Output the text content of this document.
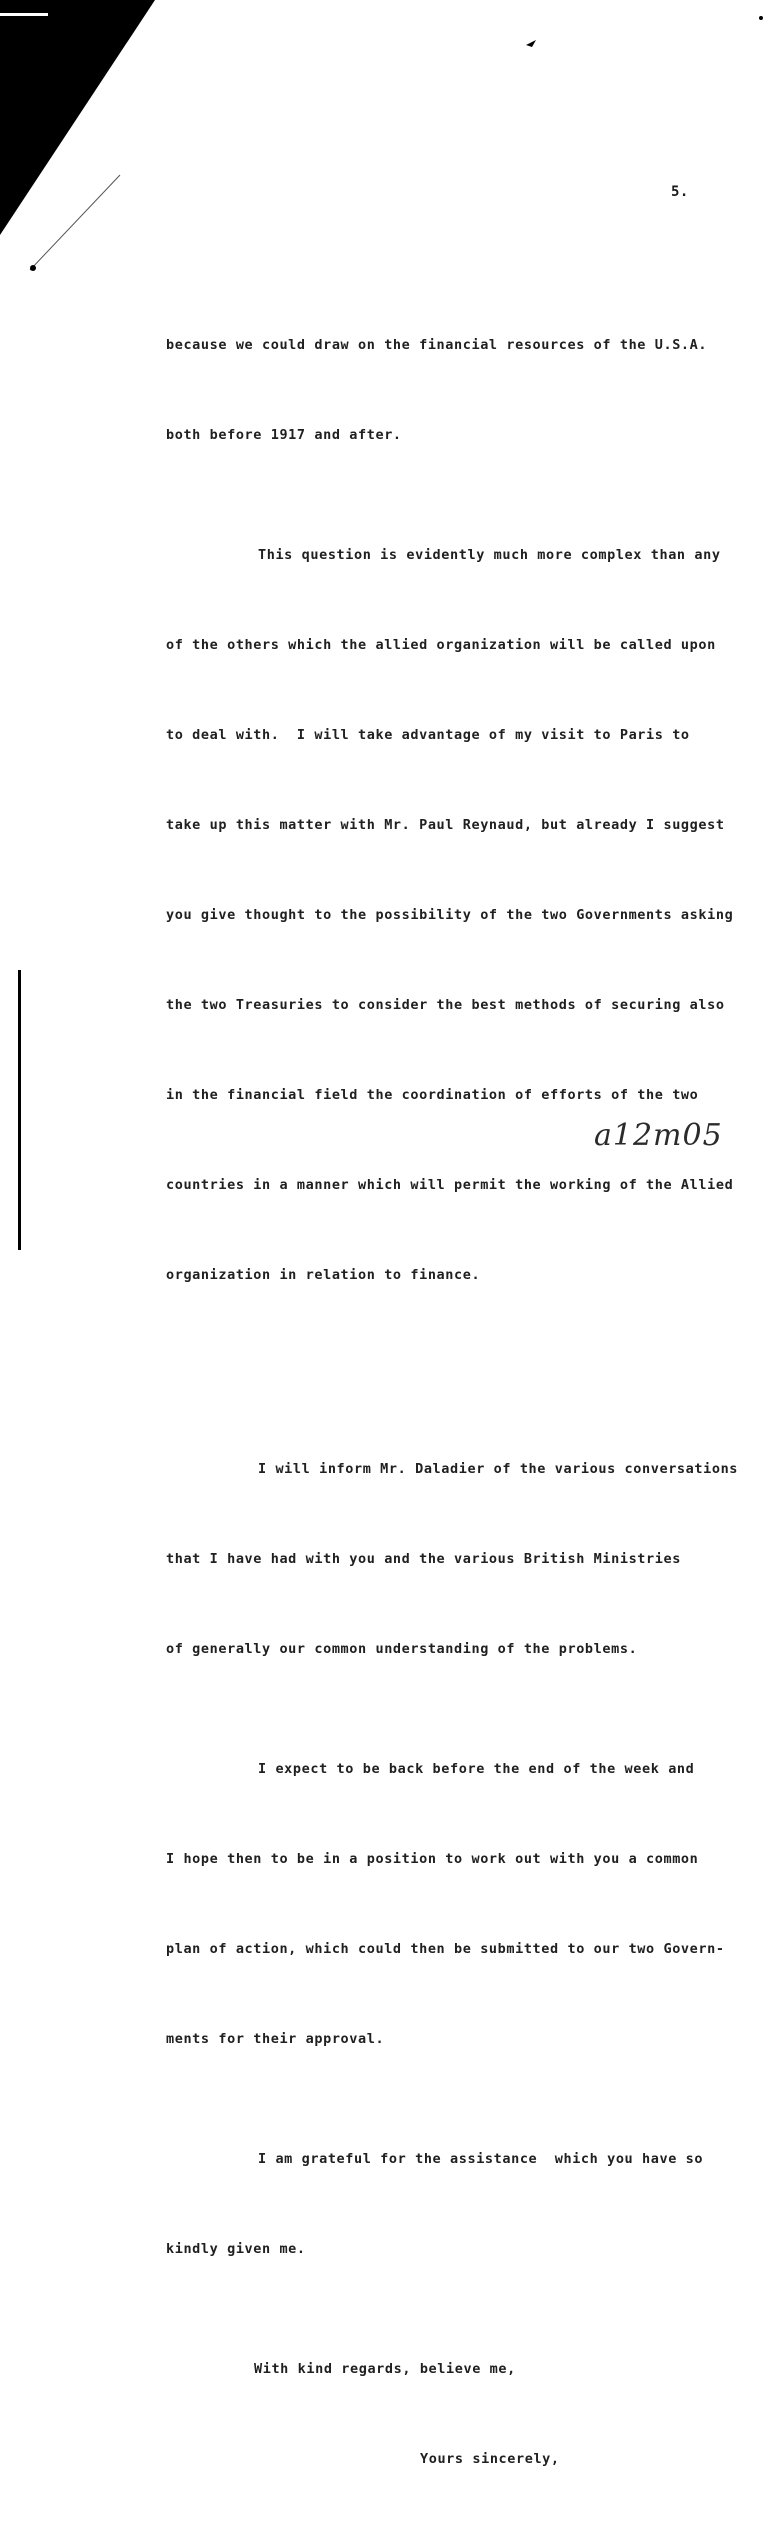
5.

because we could draw on the financial resources of the U.S.A.

both before 1917 and after.

This question is evidently much more complex than any

of the others which the allied organization will be called upon

to deal with.  I will take advantage of my visit to Paris to

take up this matter with Mr. Paul Reynaud, but already I suggest

you give thought to the possibility of the two Governments asking

the two Treasuries to consider the best methods of securing also

in the financial field the coordination of efforts of the two

countries in a manner which will permit the working of the Allied

organization in relation to finance.

I will inform Mr. Daladier of the various conversations

that I have had with you and the various British Ministries

of generally our common understanding of the problems.

I expect to be back before the end of the week and

I hope then to be in a position to work out with you a common

plan of action, which could then be submitted to our two Govern-

ments for their approval.

I am grateful for the assistance  which you have so

kindly given me.

With kind regards, believe me,

Yours sincerely,

a12m05
